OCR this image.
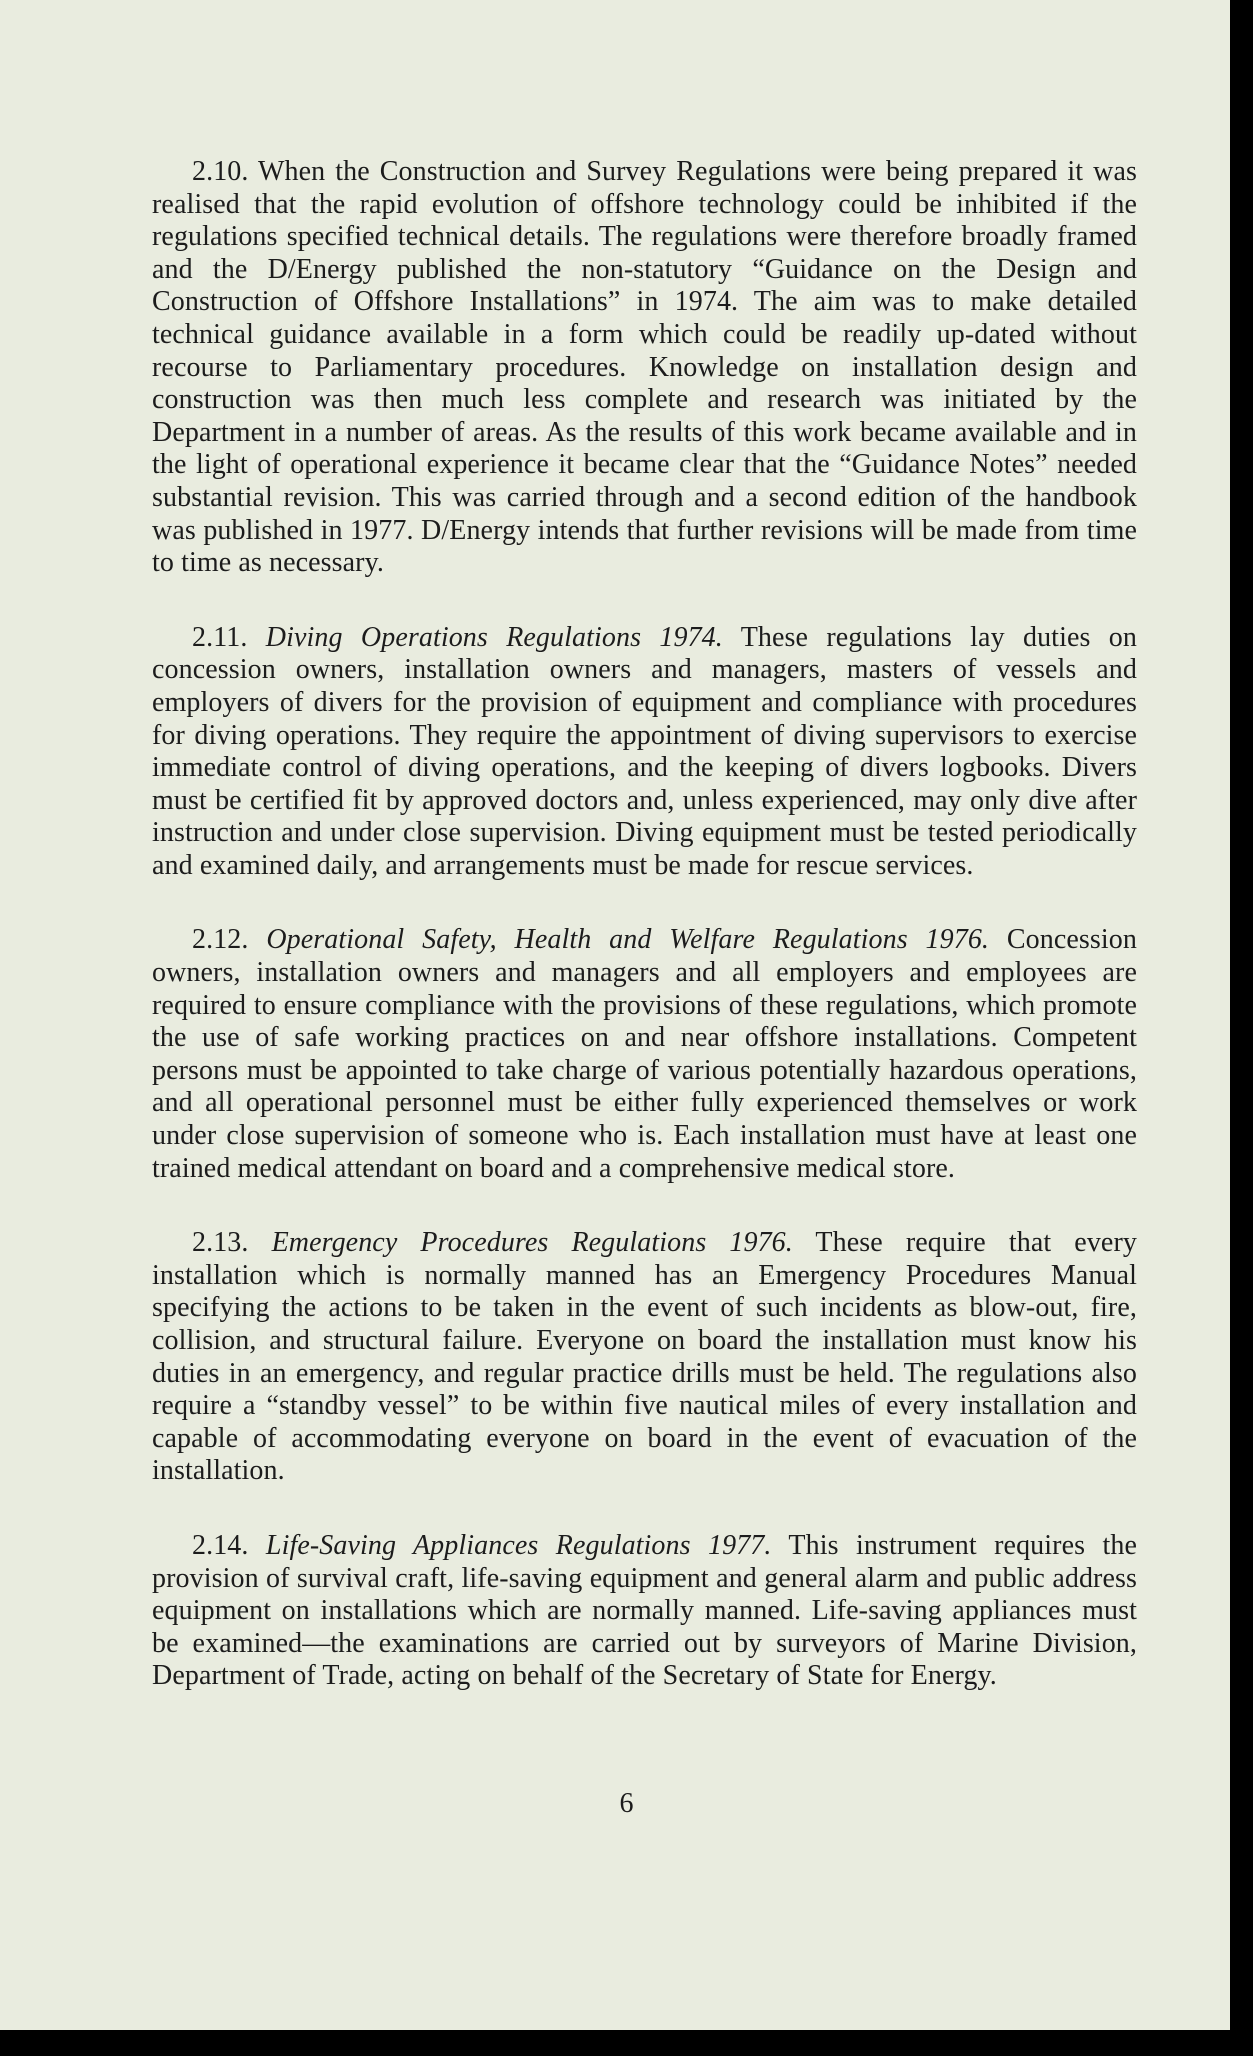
2.10. When the Construction and Survey Regulations were being prepared it was realised that the rapid evolution of offshore technology could be inhibited if the regulations specified technical details. The regulations were therefore broadly framed and the D/Energy published the non-statutory “Guidance on the Design and Construction of Offshore Installations” in 1974. The aim was to make detailed technical guidance available in a form which could be readily up-dated without recourse to Parliamentary procedures. Knowledge on installation design and construction was then much less complete and research was initiated by the Department in a number of areas. As the results of this work became available and in the light of operational experience it became clear that the “Guidance Notes” needed substantial revision. This was carried through and a second edition of the handbook was published in 1977. D/Energy intends that further revisions will be made from time to time as necessary.

2.11. Diving Operations Regulations 1974. These regulations lay duties on concession owners, installation owners and managers, masters of vessels and employers of divers for the provision of equipment and compliance with procedures for diving operations. They require the appointment of diving supervisors to exercise immediate control of diving operations, and the keeping of divers logbooks. Divers must be certified fit by approved doctors and, unless experienced, may only dive after instruction and under close supervision. Diving equipment must be tested periodically and examined daily, and arrangements must be made for rescue services.

2.12. Operational Safety, Health and Welfare Regulations 1976. Concession owners, installation owners and managers and all employers and employees are required to ensure compliance with the provisions of these regulations, which promote the use of safe working practices on and near offshore installations. Competent persons must be appointed to take charge of various potentially hazardous operations, and all operational personnel must be either fully experienced themselves or work under close supervision of someone who is. Each installation must have at least one trained medical attendant on board and a comprehensive medical store.

2.13. Emergency Procedures Regulations 1976. These require that every installation which is normally manned has an Emergency Procedures Manual specifying the actions to be taken in the event of such incidents as blow-out, fire, collision, and structural failure. Everyone on board the installation must know his duties in an emergency, and regular practice drills must be held. The regulations also require a “standby vessel” to be within five nautical miles of every installation and capable of accommodating everyone on board in the event of evacuation of the installation.

2.14. Life-Saving Appliances Regulations 1977. This instrument requires the provision of survival craft, life-saving equipment and general alarm and public address equipment on installations which are normally manned. Life-saving appliances must be examined—the examinations are carried out by surveyors of Marine Division, Department of Trade, acting on behalf of the Secretary of State for Energy.

6
